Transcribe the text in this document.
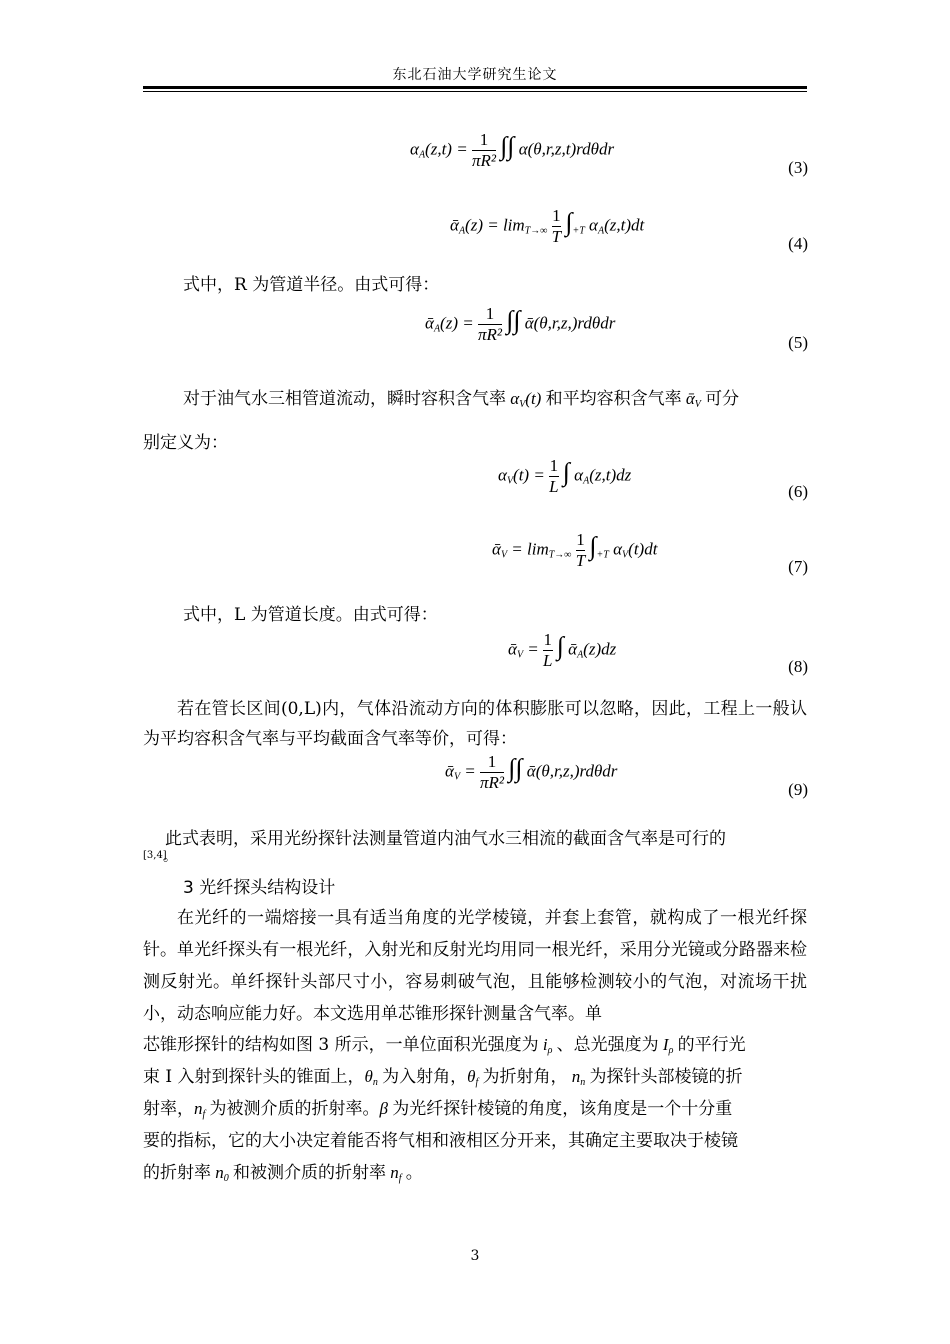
东北石油大学研究生论文
$\alpha_A(z,t) = \frac{1}{\text{πR²}}$ ∫∫ α(θ,r,z,t)rdθdr
(3)
ᾱ$_A$(z) = $\lim_{T\to\infty} \frac{1}{T} \int_{+T}$ $\alpha_A(z,t)dt$
(4)
式中，R 为管道半径。由式可得：
ᾱ$_A$(z) = $\frac{1}{\text{πR²}}$ ∫∫ ᾱ(θ,r,z,)rdθdr
(5)
对于油气水三相管道流动，瞬时容积含气率 $\alpha_V(t)$ 和平均容积含气率 ᾱ$_V$ 可分
别定义为：
$\alpha_V(t) = \frac{1}{L}$ ∫ $\alpha_A(z,t)dz$
(6)
ᾱ$_V$ = $\lim_{T\to\infty} \frac{1}{T} \int_{+T}$ $\alpha_V(t)dt$
(7)
式中，L 为管道长度。由式可得：
ᾱ$_V$ = $\frac{1}{L}$ ∫ ᾱ$_A$(z)dz
(8)
若在管长区间(0,L)内，气体沿流动方向的体积膨胀可以忽略，因此，工程上一般认为平均容积含气率与平均截面含气率等价，可得：
ᾱ$_V$ = $\frac{1}{\text{πR²}}$ ∫∫ ᾱ(θ,r,z,)rdθdr
(9)
此式表明，采用光纷探针法测量管道内油气水三相流的截面含气率是可行的
[3,4]
。
3 光纤探头结构设计
在光纤的一端熔接一具有适当角度的光学棱镜，并套上套管，就构成了一根光纤探针。单光纤探头有一根光纤，入射光和反射光均用同一根光纤，采用分光镜或分路器来检测反射光。单纤探针头部尺寸小，容易刺破气泡，且能够检测较小的气泡，对流场干扰小，动态响应能力好。本文选用单芯锥形探针测量含气率。单
芯锥形探针的结构如图 3 所示，一单位面积光强度为 $i_\rho$ 、总光强度为 $I_\rho$ 的平行光
束 I 入射到探针头的锥面上，$\theta_n$ 为入射角，$\theta_f$ 为折射角， $n_n$ 为探针头部棱镜的折
射率，$n_f$ 为被测介质的折射率。β 为光纤探针棱镜的角度，该角度是一个十分重
要的指标，它的大小决定着能否将气相和液相区分开来，其确定主要取决于棱镜
的折射率 $n_0$ 和被测介质的折射率 $n_f$ 。
3
